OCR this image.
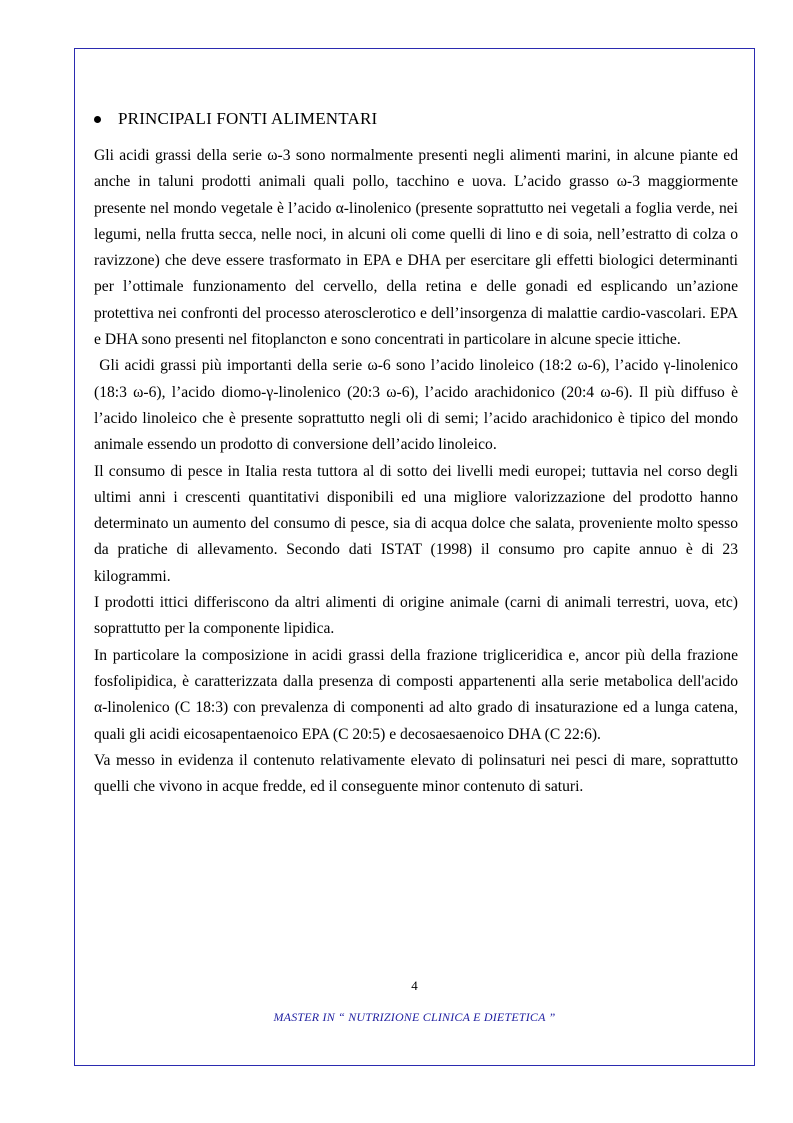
PRINCIPALI FONTI ALIMENTARI

Gli acidi grassi della serie ω-3 sono normalmente presenti negli alimenti marini, in alcune piante ed anche in taluni prodotti animali quali pollo, tacchino e uova. L’acido grasso ω-3 maggiormente presente nel mondo vegetale è l’acido α-linolenico (presente soprattutto nei vegetali a foglia verde, nei legumi, nella frutta secca, nelle noci, in alcuni oli come quelli di lino e di soia, nell’estratto di colza o ravizzone) che deve essere trasformato in EPA e DHA per esercitare gli effetti biologici determinanti per l’ottimale funzionamento del cervello, della retina e delle gonadi ed esplicando un’azione protettiva nei confronti del processo aterosclerotico e dell’insorgenza di malattie cardio-vascolari. EPA e DHA sono presenti nel fitoplancton e sono concentrati in particolare in alcune specie ittiche.

Gli acidi grassi più importanti della serie ω-6 sono l’acido linoleico (18:2 ω-6), l’acido γ-linolenico (18:3 ω-6), l’acido diomo-γ-linolenico (20:3 ω-6), l’acido arachidonico (20:4 ω-6). Il più diffuso è l’acido linoleico che è presente soprattutto negli oli di semi; l’acido arachidonico è tipico del mondo animale essendo un prodotto di conversione dell’acido linoleico.

Il consumo di pesce in Italia resta tuttora al di sotto dei livelli medi europei; tuttavia nel corso degli ultimi anni i crescenti quantitativi disponibili ed una migliore valorizzazione del prodotto hanno determinato un aumento del consumo di pesce, sia di acqua dolce che salata, proveniente molto spesso da pratiche di allevamento. Secondo dati ISTAT (1998) il consumo pro capite annuo è di 23 kilogrammi.

I prodotti ittici differiscono da altri alimenti di origine animale (carni di animali terrestri, uova, etc) soprattutto per la componente lipidica.

In particolare la composizione in acidi grassi della frazione trigliceridica e, ancor più della frazione fosfolipidica, è caratterizzata dalla presenza di composti appartenenti alla serie metabolica dell'acido α-linolenico (C 18:3) con prevalenza di componenti ad alto grado di insaturazione ed a lunga catena, quali gli acidi eicosapentaenoico EPA (C 20:5) e decosaesaenoico DHA (C 22:6).

Va messo in evidenza il contenuto relativamente elevato di polinsaturi nei pesci di mare, soprattutto quelli che vivono in acque fredde, ed il conseguente minor contenuto di saturi.

4
MASTER IN “ NUTRIZIONE CLINICA E DIETETICA ”
